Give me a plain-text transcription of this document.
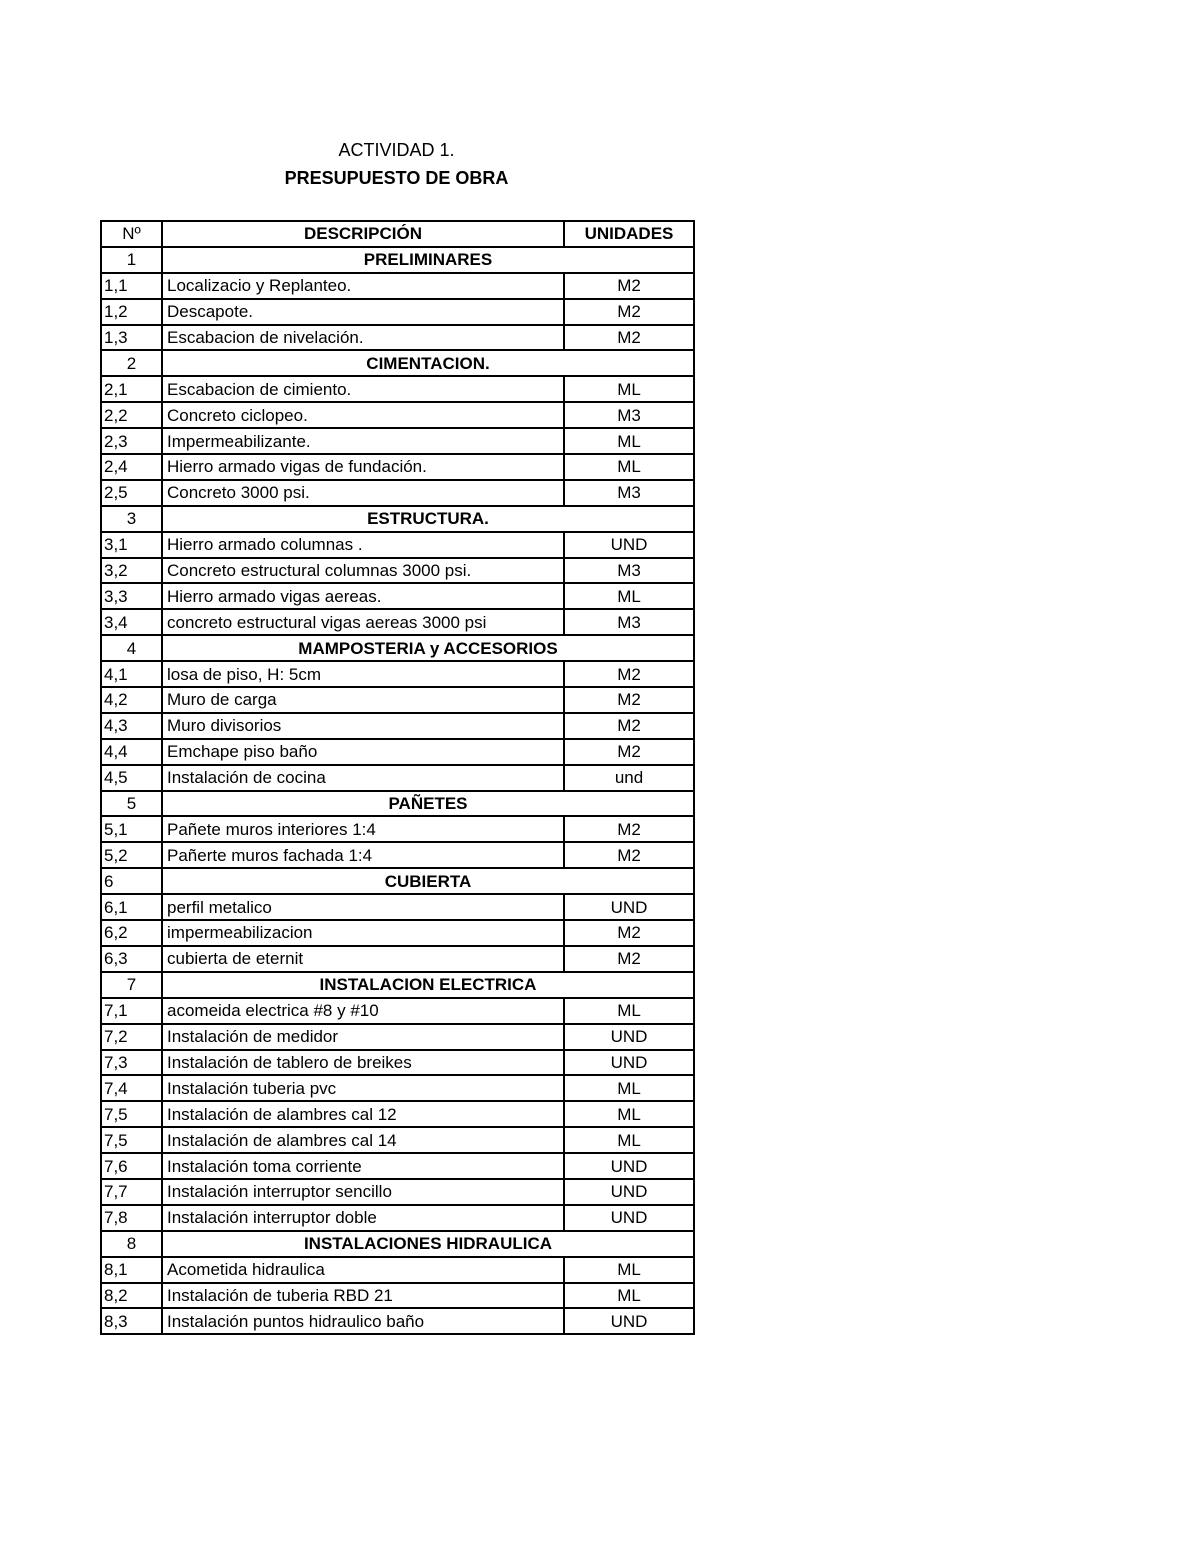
ACTIVIDAD 1.
PRESUPUESTO DE OBRA
Nº	DESCRIPCIÓN	UNIDADES
1	PRELIMINARES	
1,1	Localizacio y Replanteo.	M2
1,2	Descapote.	M2
1,3	Escabacion de nivelación.	M2
2	CIMENTACION.	
2,1	Escabacion de cimiento.	ML
2,2	Concreto ciclopeo.	M3
2,3	Impermeabilizante.	ML
2,4	Hierro armado vigas de fundación.	ML
2,5	Concreto 3000 psi.	M3
3	ESTRUCTURA.	
3,1	Hierro armado columnas .	UND
3,2	Concreto estructural columnas 3000 psi.	M3
3,3	Hierro armado vigas aereas.	ML
3,4	concreto estructural vigas aereas 3000 psi	M3
4	MAMPOSTERIA y ACCESORIOS	
4,1	losa de piso, H: 5cm	M2
4,2	Muro de carga	M2
4,3	Muro divisorios	M2
4,4	Emchape piso baño	M2
4,5	Instalación de cocina	und
5	PAÑETES	
5,1	Pañete muros interiores 1:4	M2
5,2	Pañerte muros fachada 1:4	M2
6	CUBIERTA	
6,1	perfil metalico	UND
6,2	impermeabilizacion	M2
6,3	cubierta de eternit	M2
7	INSTALACION ELECTRICA	
7,1	acomeida electrica #8 y #10	ML
7,2	Instalación de medidor	UND
7,3	Instalación de tablero de breikes	UND
7,4	Instalación tuberia pvc	ML
7,5	Instalación de alambres cal 12	ML
7,5	Instalación de alambres cal 14	ML
7,6	Instalación toma corriente	UND
7,7	Instalación interruptor sencillo	UND
7,8	Instalación interruptor doble	UND
8	INSTALACIONES HIDRAULICA	
8,1	Acometida hidraulica	ML
8,2	Instalación de tuberia RBD 21	ML
8,3	Instalación puntos hidraulico baño	UND
